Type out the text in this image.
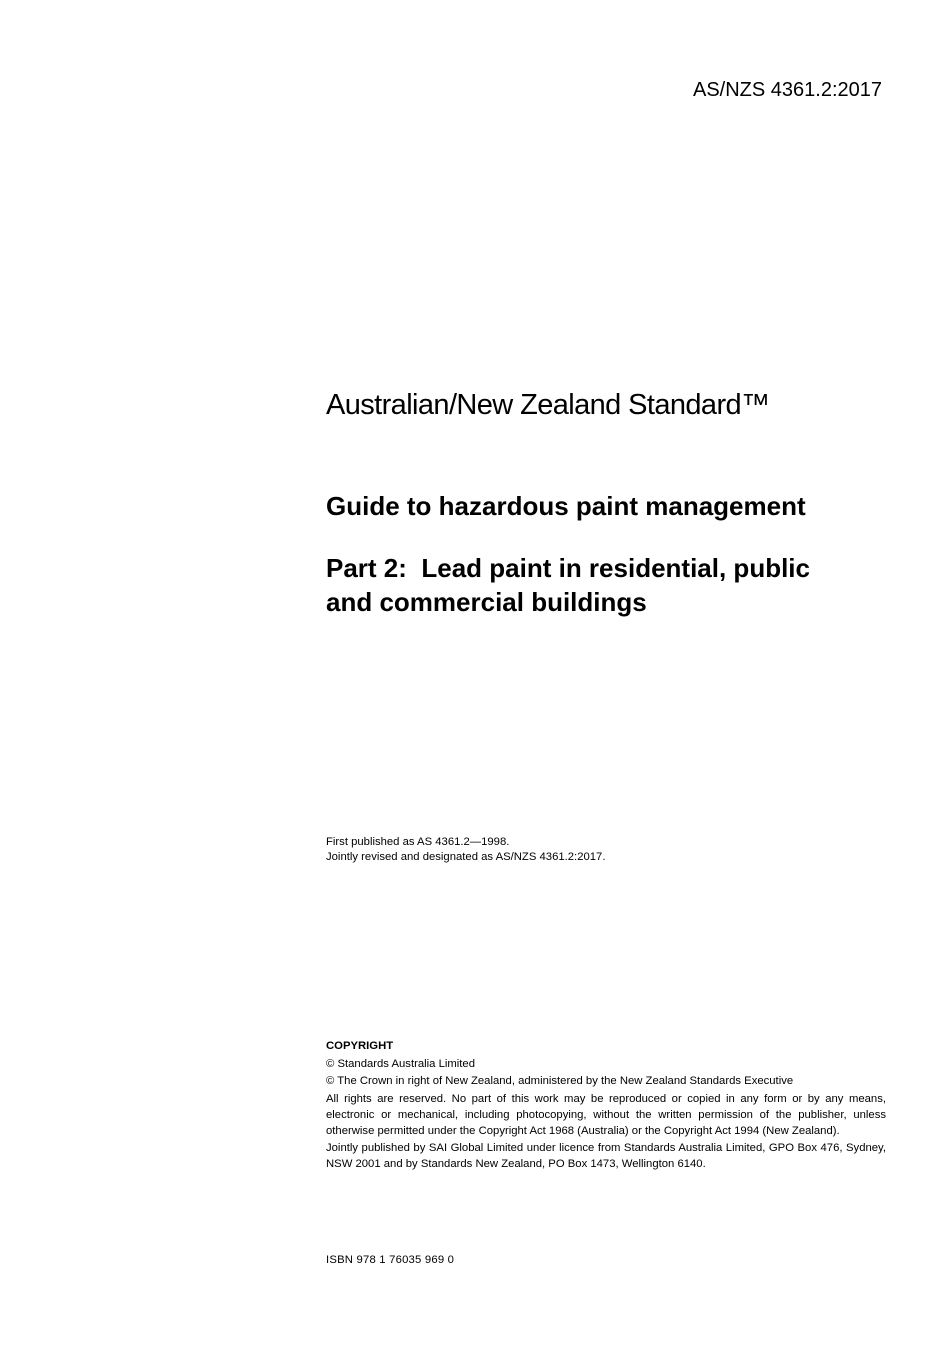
AS/NZS 4361.2:2017
Australian/New Zealand Standard™
Guide to hazardous paint management
Part 2:  Lead paint in residential, public
and commercial buildings
First published as AS 4361.2—1998.
Jointly revised and designated as AS/NZS 4361.2:2017.

COPYRIGHT

© Standards Australia Limited

© The Crown in right of New Zealand, administered by the New Zealand Standards Executive

All rights are reserved. No part of this work may be reproduced or copied in any form or by any means, electronic or mechanical, including photocopying, without the written permission of the publisher, unless otherwise permitted under the Copyright Act 1968 (Australia) or the Copyright Act 1994 (New Zealand).

Jointly published by SAI Global Limited under licence from Standards Australia Limited, GPO Box 476, Sydney, NSW 2001 and by Standards New Zealand, PO Box 1473, Wellington 6140.

ISBN 978 1 76035 969 0
